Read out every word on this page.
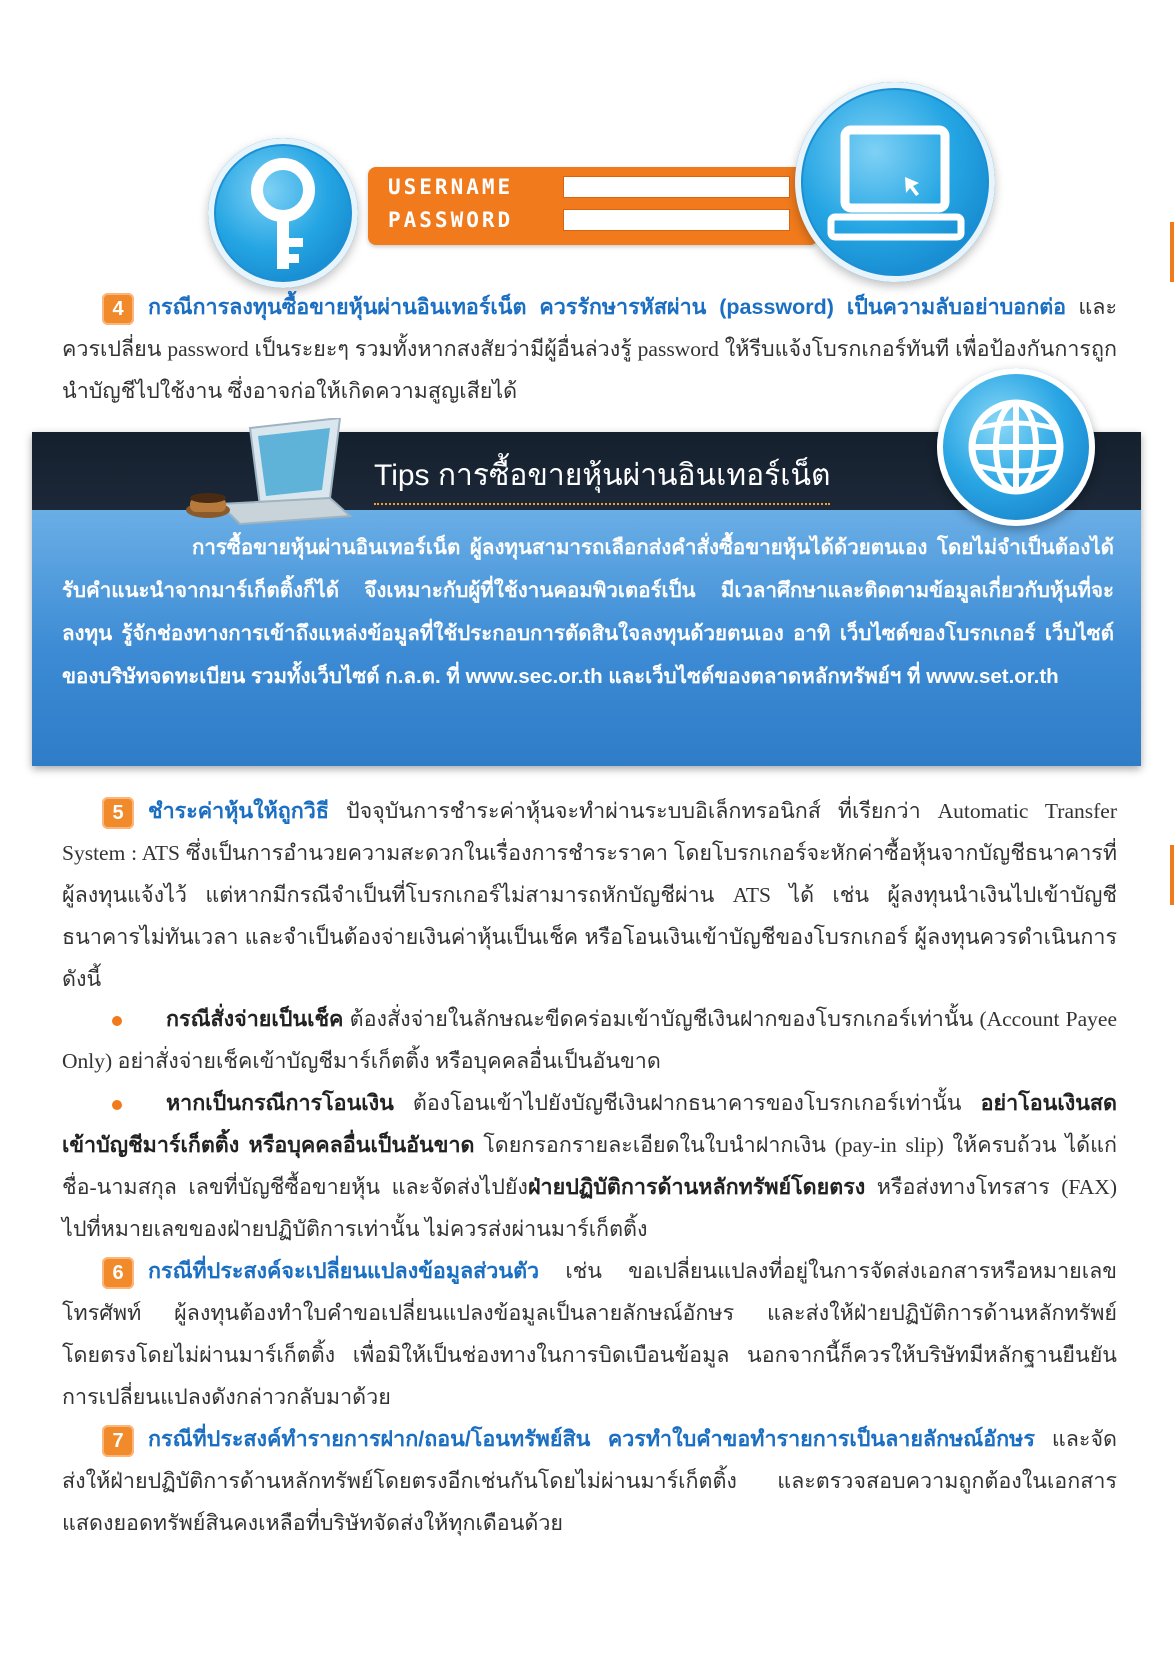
USERNAME
PASSWORD
4 กรณีการลงทุนซื้อขายหุ้นผ่านอินเทอร์เน็ต ควรรักษารหัสผ่าน (password) เป็นความลับอย่าบอกต่อ และควรเปลี่ยน password เป็นระยะๆ รวมทั้งหากสงสัยว่ามีผู้อื่นล่วงรู้ password ให้รีบแจ้งโบรกเกอร์ทันที เพื่อป้องกันการถูกนำบัญชีไปใช้งาน ซึ่งอาจก่อให้เกิดความสูญเสียได้
Tips การซื้อขายหุ้นผ่านอินเทอร์เน็ต
การซื้อขายหุ้นผ่านอินเทอร์เน็ต ผู้ลงทุนสามารถเลือกส่งคำสั่งซื้อขายหุ้นได้ด้วยตนเอง โดยไม่จำเป็นต้องได้รับคำแนะนำจากมาร์เก็ตติ้งก็ได้ จึงเหมาะกับผู้ที่ใช้งานคอมพิวเตอร์เป็น มีเวลาศึกษาและติดตามข้อมูลเกี่ยวกับหุ้นที่จะลงทุน รู้จักช่องทางการเข้าถึงแหล่งข้อมูลที่ใช้ประกอบการตัดสินใจลงทุนด้วยตนเอง อาทิ เว็บไซต์ของโบรกเกอร์ เว็บไซต์ของบริษัทจดทะเบียน รวมทั้งเว็บไซต์ ก.ล.ต. ที่ www.sec.or.th และเว็บไซต์ของตลาดหลักทรัพย์ฯ ที่ www.set.or.th
5 ชำระค่าหุ้นให้ถูกวิธี ปัจจุบันการชำระค่าหุ้นจะทำผ่านระบบอิเล็กทรอนิกส์ ที่เรียกว่า Automatic Transfer System : ATS ซึ่งเป็นการอำนวยความสะดวกในเรื่องการชำระราคา โดยโบรกเกอร์จะหักค่าซื้อหุ้นจากบัญชีธนาคารที่ผู้ลงทุนแจ้งไว้ แต่หากมีกรณีจำเป็นที่โบรกเกอร์ไม่สามารถหักบัญชีผ่าน ATS ได้ เช่น ผู้ลงทุนนำเงินไปเข้าบัญชีธนาคารไม่ทันเวลา และจำเป็นต้องจ่ายเงินค่าหุ้นเป็นเช็ค หรือโอนเงินเข้าบัญชีของโบรกเกอร์ ผู้ลงทุนควรดำเนินการดังนี้
กรณีสั่งจ่ายเป็นเช็ค ต้องสั่งจ่ายในลักษณะขีดคร่อมเข้าบัญชีเงินฝากของโบรกเกอร์เท่านั้น (Account Payee Only) อย่าสั่งจ่ายเช็คเข้าบัญชีมาร์เก็ตติ้ง หรือบุคคลอื่นเป็นอันขาด
หากเป็นกรณีการโอนเงิน ต้องโอนเข้าไปยังบัญชีเงินฝากธนาคารของโบรกเกอร์เท่านั้น อย่าโอนเงินสดเข้าบัญชีมาร์เก็ตติ้ง หรือบุคคลอื่นเป็นอันขาด โดยกรอกรายละเอียดในใบนำฝากเงิน (pay-in slip) ให้ครบถ้วน ได้แก่ ชื่อ-นามสกุล เลขที่บัญชีซื้อขายหุ้น และจัดส่งไปยังฝ่ายปฏิบัติการด้านหลักทรัพย์โดยตรง หรือส่งทางโทรสาร (FAX) ไปที่หมายเลขของฝ่ายปฏิบัติการเท่านั้น ไม่ควรส่งผ่านมาร์เก็ตติ้ง
6 กรณีที่ประสงค์จะเปลี่ยนแปลงข้อมูลส่วนตัว เช่น ขอเปลี่ยนแปลงที่อยู่ในการจัดส่งเอกสารหรือหมายเลขโทรศัพท์ ผู้ลงทุนต้องทำใบคำขอเปลี่ยนแปลงข้อมูลเป็นลายลักษณ์อักษร และส่งให้ฝ่ายปฏิบัติการด้านหลักทรัพย์โดยตรงโดยไม่ผ่านมาร์เก็ตติ้ง เพื่อมิให้เป็นช่องทางในการบิดเบือนข้อมูล นอกจากนี้ก็ควรให้บริษัทมีหลักฐานยืนยันการเปลี่ยนแปลงดังกล่าวกลับมาด้วย
7 กรณีที่ประสงค์ทำรายการฝาก/ถอน/โอนทรัพย์สิน ควรทำใบคำขอทำรายการเป็นลายลักษณ์อักษร และจัดส่งให้ฝ่ายปฏิบัติการด้านหลักทรัพย์โดยตรงอีกเช่นกันโดยไม่ผ่านมาร์เก็ตติ้ง และตรวจสอบความถูกต้องในเอกสารแสดงยอดทรัพย์สินคงเหลือที่บริษัทจัดส่งให้ทุกเดือนด้วย
